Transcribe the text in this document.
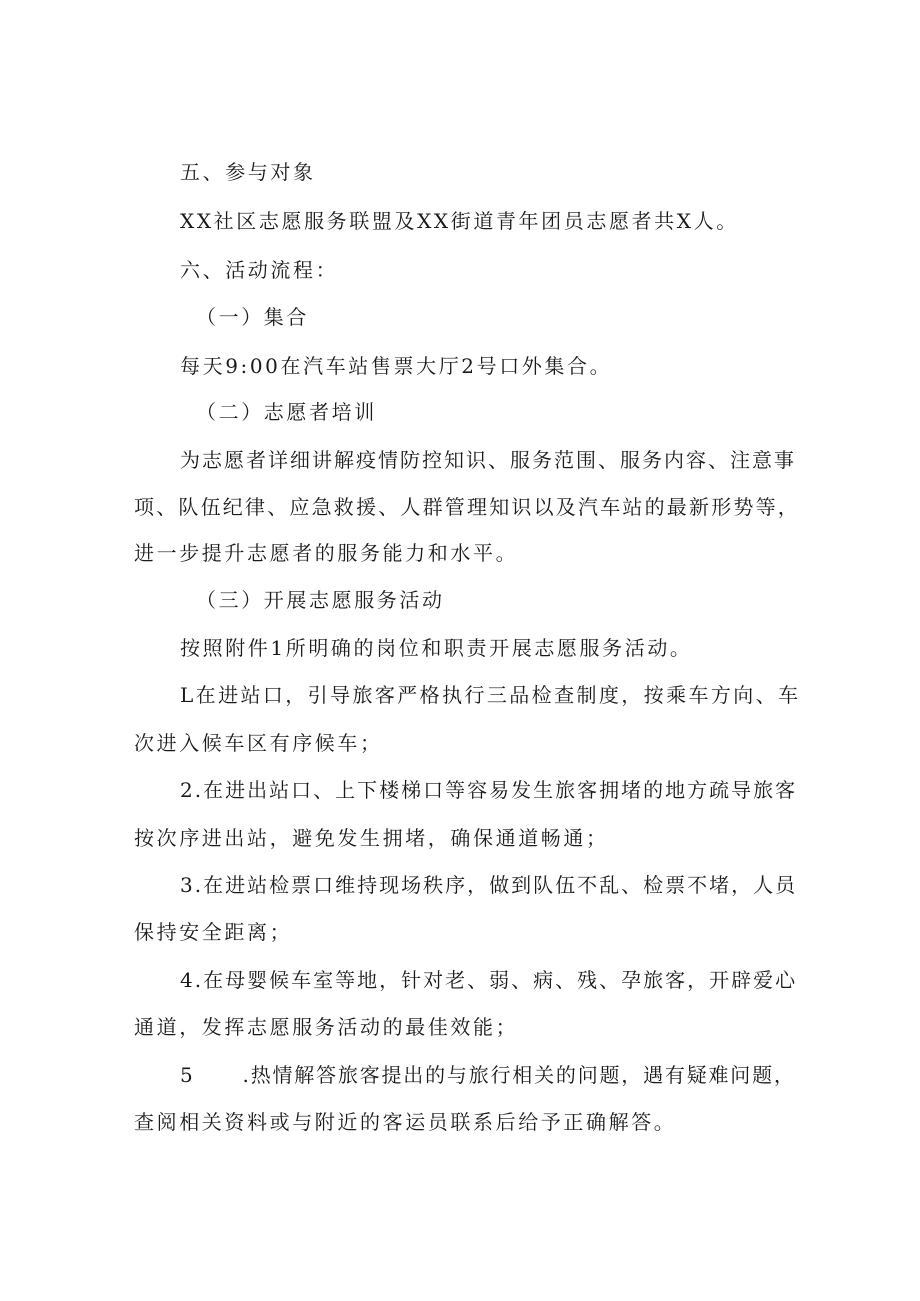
五、参与对象
XX社区志愿服务联盟及XX街道青年团员志愿者共X人。
六、活动流程：
（一）集合
每天9:00在汽车站售票大厅2号口外集合。
（二）志愿者培训
为志愿者详细讲解疫情防控知识、服务范围、服务内容、注意事
项、队伍纪律、应急救援、人群管理知识以及汽车站的最新形势等，
进一步提升志愿者的服务能力和水平。
（三）开展志愿服务活动
按照附件1所明确的岗位和职责开展志愿服务活动。
L在进站口，引导旅客严格执行三品检查制度，按乘车方向、车
次进入候车区有序候车；
2.在进出站口、上下楼梯口等容易发生旅客拥堵的地方疏导旅客
按次序进出站，避免发生拥堵，确保通道畅通；
3.在进站检票口维持现场秩序，做到队伍不乱、检票不堵，人员
保持安全距离；
4.在母婴候车室等地，针对老、弱、病、残、孕旅客，开辟爱心
通道，发挥志愿服务活动的最佳效能；
5 .热情解答旅客提出的与旅行相关的问题，遇有疑难问题，
查阅相关资料或与附近的客运员联系后给予正确解答。
